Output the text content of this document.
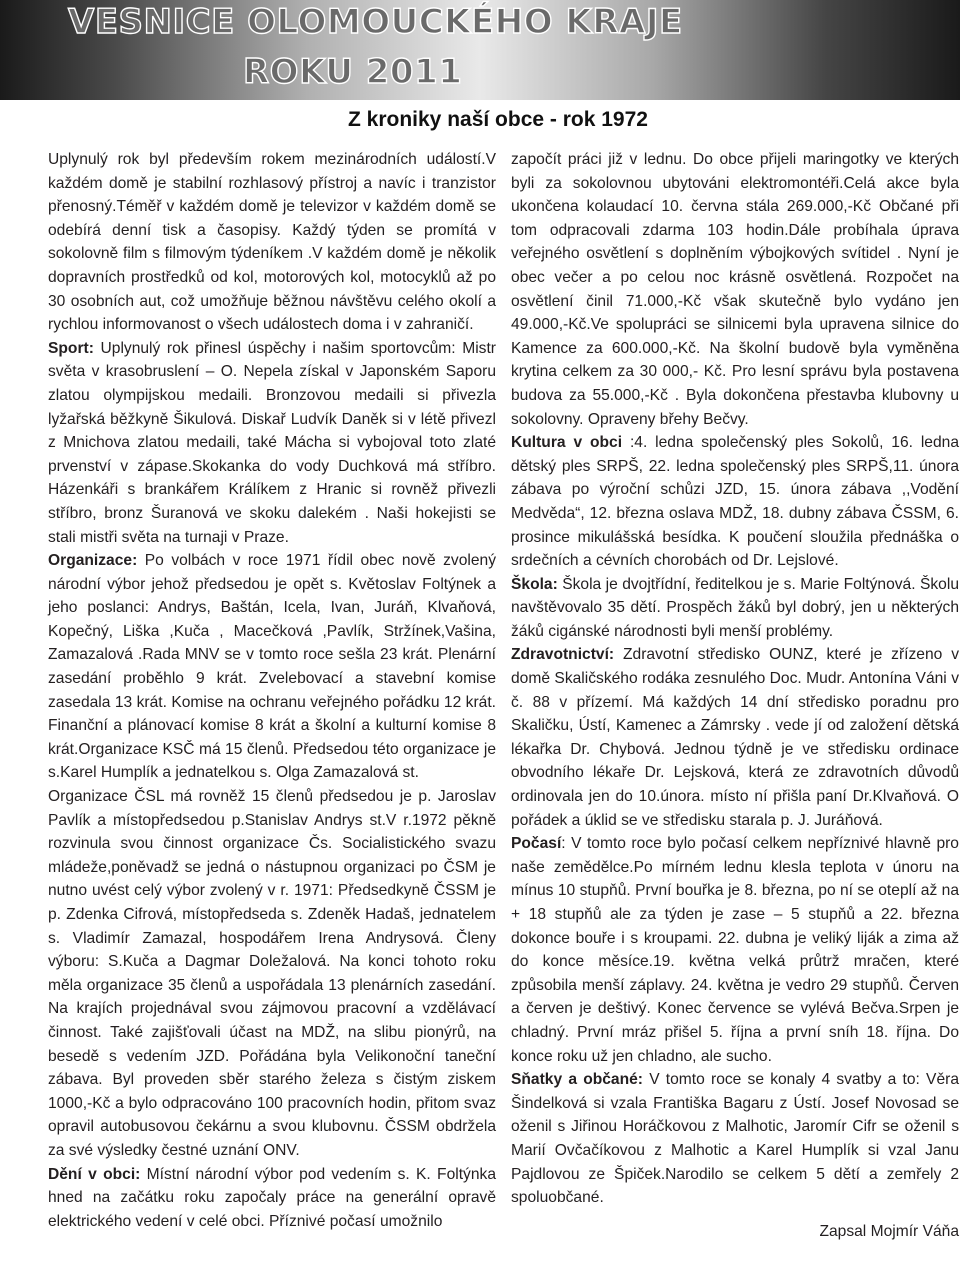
VESNICE OLOMOUCKÉHO KRAJE
ROKU 2011
Z kroniky naší obce - rok 1972

Uplynulý rok byl především rokem mezinárodních událostí.V každém domě je stabilní rozhlasový přístroj a navíc i tranzistor přenosný.Téměř v každém domě je televizor v každém domě se odebírá denní tisk a časopisy. Každý týden se promítá v sokolovně film s filmovým týdeníkem .V každém domě je několik dopravních prostředků od kol, motorových kol, motocyklů až po 30 osobních aut, což umožňuje běžnou návštěvu celého okolí a rychlou informovanost o všech událostech doma i v zahraničí.

Sport: Uplynulý rok přinesl úspěchy i našim sportovcům: Mistr světa v krasobruslení – O. Nepela získal v Japonském Saporu zlatou olympijskou medaili. Bronzovou medaili si přivezla lyžařská běžkyně Šikulová. Diskař Ludvík Daněk si v létě přivezl z Mnichova zlatou medaili, také Mácha si vybojoval toto zlaté prvenství v zápase.Skokanka do vody Duchková má stříbro. Házenkáři s brankářem Králíkem z Hranic si rovněž přivezli stříbro, bronz Šuranová ve skoku dalekém . Naši hokejisti se stali mistři světa na turnaji v Praze.

Organizace: Po volbách v roce 1971 řídil obec nově zvolený národní výbor jehož předsedou je opět s. Květoslav Foltýnek a jeho poslanci: Andrys, Baštán, Icela, Ivan, Juráň, Klvaňová, Kopečný, Liška ,Kuča , Macečková ,Pavlík, Stržínek,Vašina, Zamazalová .Rada MNV se v tomto roce sešla 23 krát. Plenární zasedání proběhlo 9 krát. Zvelebovací a stavební komise zasedala 13 krát. Komise na ochranu veřejného pořádku 12 krát. Finanční a plánovací komise 8 krát a školní a kulturní komise 8 krát.Organizace KSČ má 15 členů. Předsedou této organizace je s.Karel Humplík a jednatelkou s. Olga Zamazalová st.

Organizace ČSL má rovněž 15 členů předsedou je p. Jaroslav Pavlík a místopředsedou p.Stanislav Andrys st.V r.1972 pěkně rozvinula svou činnost organizace Čs. Socialistického svazu mládeže,poněvadž se jedná o nástupnou organizaci po ČSM je nutno uvést celý výbor zvolený v r. 1971: Předsedkyně ČSSM je p. Zdenka Cifrová, místopředseda s. Zdeněk Hadaš, jednatelem s. Vladimír Zamazal, hospodářem Irena Andrysová. Členy výboru: S.Kuča a Dagmar Doležalová. Na konci tohoto roku měla organizace 35 členů a uspořádala 13 plenárních zasedání. Na krajích projednával svou zájmovou pracovní a vzdělávací činnost. Také zajišťovali účast na MDŽ, na slibu pionýrů, na besedě s vedením JZD. Pořádána byla Velikonoční taneční zábava. Byl proveden sběr starého železa s čistým ziskem 1000,-Kč a bylo odpracováno 100 pracovních hodin, přitom svaz opravil autobusovou čekárnu a svou klubovnu. ČSSM obdržela za své výsledky čestné uznání ONV.

Dění v obci: Místní národní výbor pod vedením s. K. Foltýnka hned na začátku roku započaly práce na generální opravě elektrického vedení v celé obci. Příznivé počasí umožnilo

započít práci již v lednu. Do obce přijeli maringotky ve kterých byli za sokolovnou ubytováni elektromontéři.Celá akce byla ukončena kolaudací 10. června stála 269.000,-Kč Občané při tom odpracovali zdarma 103 hodin.Dále probíhala úprava veřejného osvětlení s doplněním výbojkových svítidel . Nyní je obec večer a po celou noc krásně osvětlená. Rozpočet na osvětlení činil 71.000,-Kč však skutečně bylo vydáno jen 49.000,-Kč.Ve spolupráci se silnicemi byla upravena silnice do Kamence za 600.000,-Kč. Na školní budově byla vyměněna krytina celkem za 30 000,- Kč. Pro lesní správu byla postavena budova za 55.000,-Kč . Byla dokončena přestavba klubovny u sokolovny. Opraveny břehy Bečvy.

Kultura v obci :4. ledna společenský ples Sokolů, 16. ledna dětský ples SRPŠ, 22. ledna společenský ples SRPŠ,11. února zábava po výroční schůzi JZD, 15. února zábava ,,Vodění Medvěda“, 12. března oslava MDŽ, 18. dubny zábava ČSSM, 6. prosince mikulášská besídka. K poučení sloužila přednáška o srdečních a cévních chorobách od Dr. Lejslové.

Škola: Škola je dvojtřídní, ředitelkou je s. Marie Foltýnová. Školu navštěvovalo 35 dětí. Prospěch žáků byl dobrý, jen u některých žáků cigánské národnosti byli menší problémy.

Zdravotnictví: Zdravotní středisko OUNZ, které je zřízeno v domě Skaličského rodáka zesnulého Doc. Mudr. Antonína Váni v č. 88 v přízemí. Má každých 14 dní středisko poradnu pro Skaličku, Ústí, Kamenec a Zámrsky . vede jí od založení dětská lékařka Dr. Chybová. Jednou týdně je ve středisku ordinace obvodního lékaře Dr. Lejsková, která ze zdravotních důvodů ordinovala jen do 10.února. místo ní přišla paní Dr.Klvaňová. O pořádek a úklid se ve středisku starala p. J. Juráňová.

Počasí: V tomto roce bylo počasí celkem nepříznivé hlavně pro naše zemědělce.Po mírném lednu klesla teplota v únoru na mínus 10 stupňů. První bouřka je 8. března, po ní se oteplí až na + 18 stupňů ale za týden je zase – 5 stupňů a 22. března dokonce bouře i s kroupami. 22. dubna je veliký liják a zima až do konce měsíce.19. května velká průtrž mračen, které způsobila menší záplavy. 24. května je vedro 29 stupňů. Červen a červen je deštivý. Konec července se vylévá Bečva.Srpen je chladný. První mráz přišel 5. října a první sníh 18. října. Do konce roku už jen chladno, ale sucho.

Sňatky a občané: V tomto roce se konaly 4 svatby a to: Věra Šindelková si vzala Františka Bagaru z Ústí. Josef Novosad se oženil s Jiřinou Horáčkovou z Malhotic, Jaromír Cifr se oženil s Marií Ovčačíkovou z Malhotic a Karel Humplík si vzal Janu Pajdlovou ze Špiček.Narodilo se celkem 5 dětí a zemřely 2 spoluobčané.

Zapsal Mojmír Váňa
